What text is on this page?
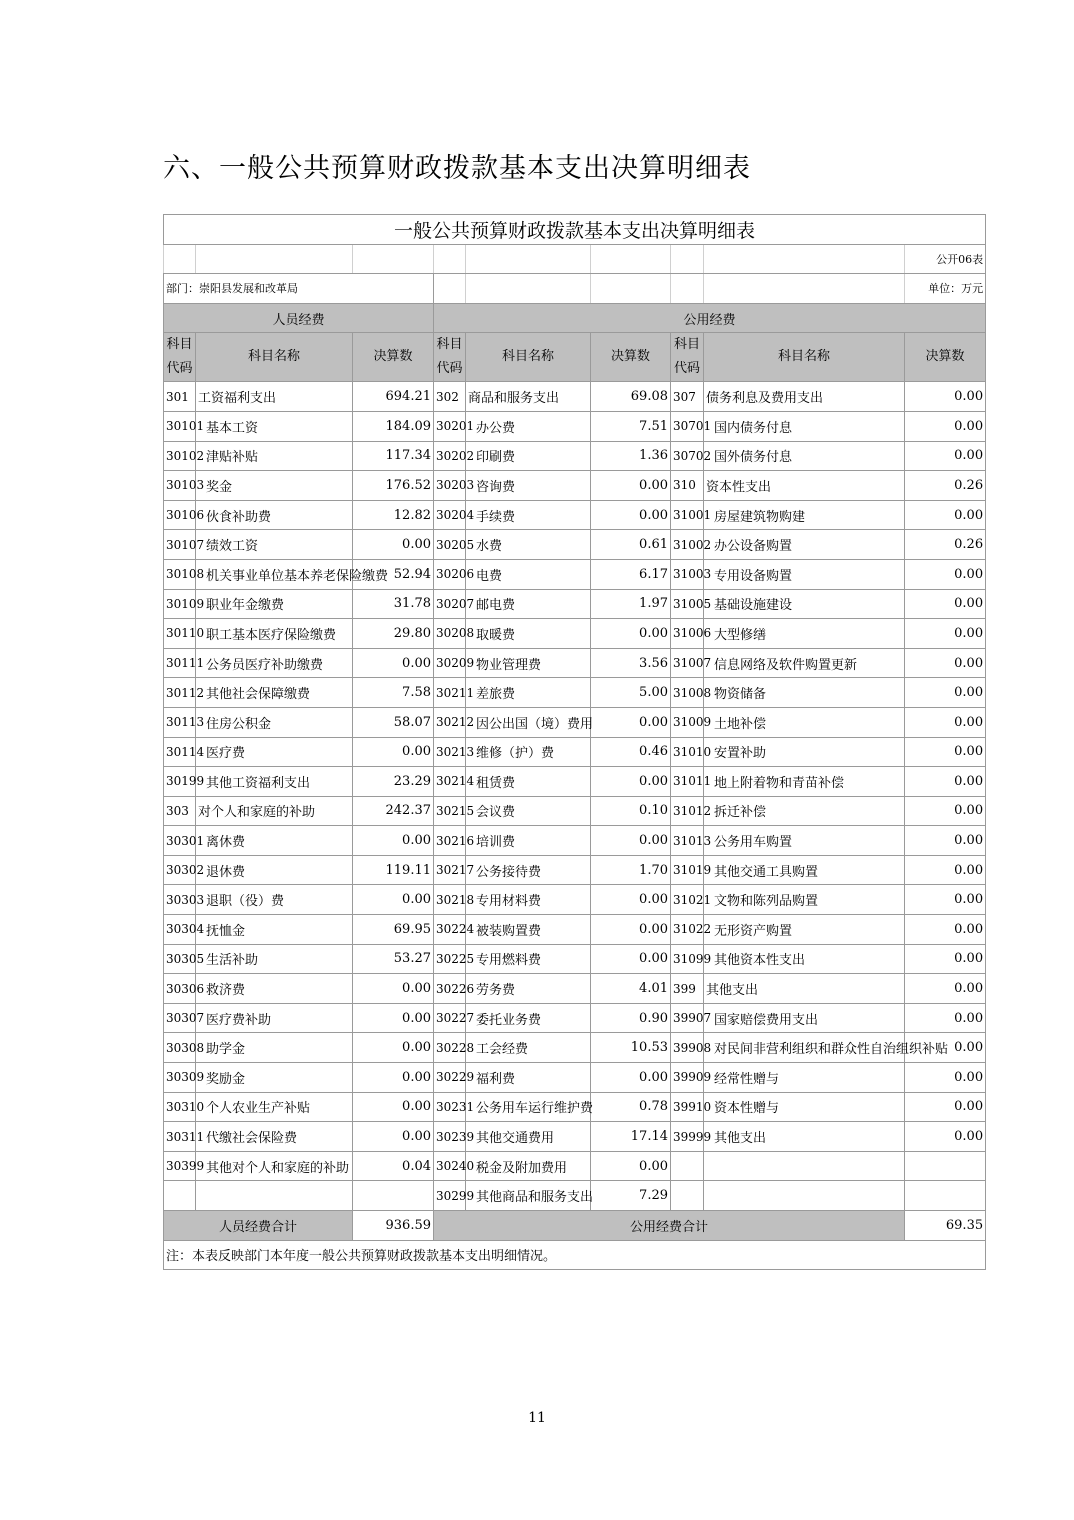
六、一般公共预算财政拨款基本支出决算明细表
一般公共预算财政拨款基本支出决算明细表								
								公开06表
部门：崇阳县发展和改革局								单位：万元
人员经费			公用经费					
科目代码	科目名称	决算数	科目代码	科目名称	决算数	科目代码	科目名称	决算数
301	工资福利支出	694.21	302	商品和服务支出	69.08	307	债务利息及费用支出	0.00
30101	基本工资	184.09	30201	办公费	7.51	30701	国内债务付息	0.00
30102	津贴补贴	117.34	30202	印刷费	1.36	30702	国外债务付息	0.00
30103	奖金	176.52	30203	咨询费	0.00	310	资本性支出	0.26
30106	伙食补助费	12.82	30204	手续费	0.00	31001	房屋建筑物购建	0.00
30107	绩效工资	0.00	30205	水费	0.61	31002	办公设备购置	0.26
30108	机关事业单位基本养老保险缴费	52.94	30206	电费	6.17	31003	专用设备购置	0.00
30109	职业年金缴费	31.78	30207	邮电费	1.97	31005	基础设施建设	0.00
30110	职工基本医疗保险缴费	29.80	30208	取暖费	0.00	31006	大型修缮	0.00
30111	公务员医疗补助缴费	0.00	30209	物业管理费	3.56	31007	信息网络及软件购置更新	0.00
30112	其他社会保障缴费	7.58	30211	差旅费	5.00	31008	物资储备	0.00
30113	住房公积金	58.07	30212	因公出国（境）费用	0.00	31009	土地补偿	0.00
30114	医疗费	0.00	30213	维修（护）费	0.46	31010	安置补助	0.00
30199	其他工资福利支出	23.29	30214	租赁费	0.00	31011	地上附着物和青苗补偿	0.00
303	对个人和家庭的补助	242.37	30215	会议费	0.10	31012	拆迁补偿	0.00
30301	离休费	0.00	30216	培训费	0.00	31013	公务用车购置	0.00
30302	退休费	119.11	30217	公务接待费	1.70	31019	其他交通工具购置	0.00
30303	退职（役）费	0.00	30218	专用材料费	0.00	31021	文物和陈列品购置	0.00
30304	抚恤金	69.95	30224	被装购置费	0.00	31022	无形资产购置	0.00
30305	生活补助	53.27	30225	专用燃料费	0.00	31099	其他资本性支出	0.00
30306	救济费	0.00	30226	劳务费	4.01	399	其他支出	0.00
30307	医疗费补助	0.00	30227	委托业务费	0.90	39907	国家赔偿费用支出	0.00
30308	助学金	0.00	30228	工会经费	10.53	39908	对民间非营利组织和群众性自治组织补贴	0.00
30309	奖励金	0.00	30229	福利费	0.00	39909	经常性赠与	0.00
30310	个人农业生产补贴	0.00	30231	公务用车运行维护费	0.78	39910	资本性赠与	0.00
30311	代缴社会保险费	0.00	30239	其他交通费用	17.14	39999	其他支出	0.00
30399	其他对个人和家庭的补助	0.04	30240	税金及附加费用	0.00			
			30299	其他商品和服务支出	7.29			
人员经费合计		936.59	公用经费合计					69.35
注：本表反映部门本年度一般公共预算财政拨款基本支出明细情况。								
11
